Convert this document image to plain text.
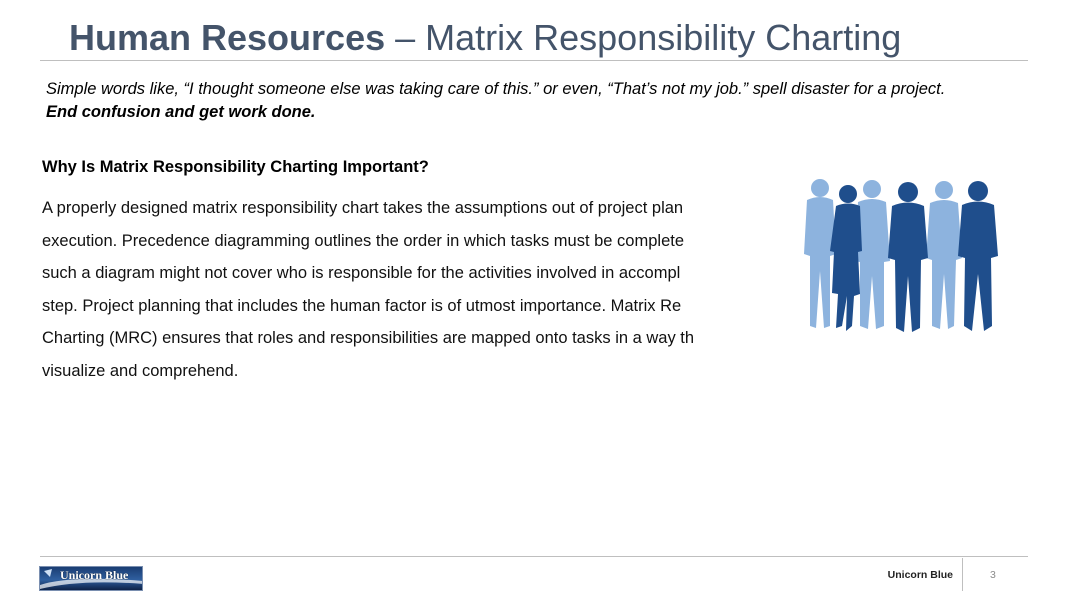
Human Resources – Matrix Responsibility Charting
Simple words like, “I thought someone else was taking care of this.” or even, “That’s not my job.” spell disaster for a project. End confusion and get work done.
Why Is Matrix Responsibility Charting Important?
A properly designed matrix responsibility chart takes the assumptions out of project plan
execution. Precedence diagramming outlines the order in which tasks must be complete
such a diagram might not cover who is responsible for the activities involved in accompl
step. Project planning that includes the human factor is of utmost importance. Matrix Re
Charting (MRC) ensures that roles and responsibilities are mapped onto tasks in a way th
visualize and comprehend.
Unicorn Blue	Unicorn Blue	3
